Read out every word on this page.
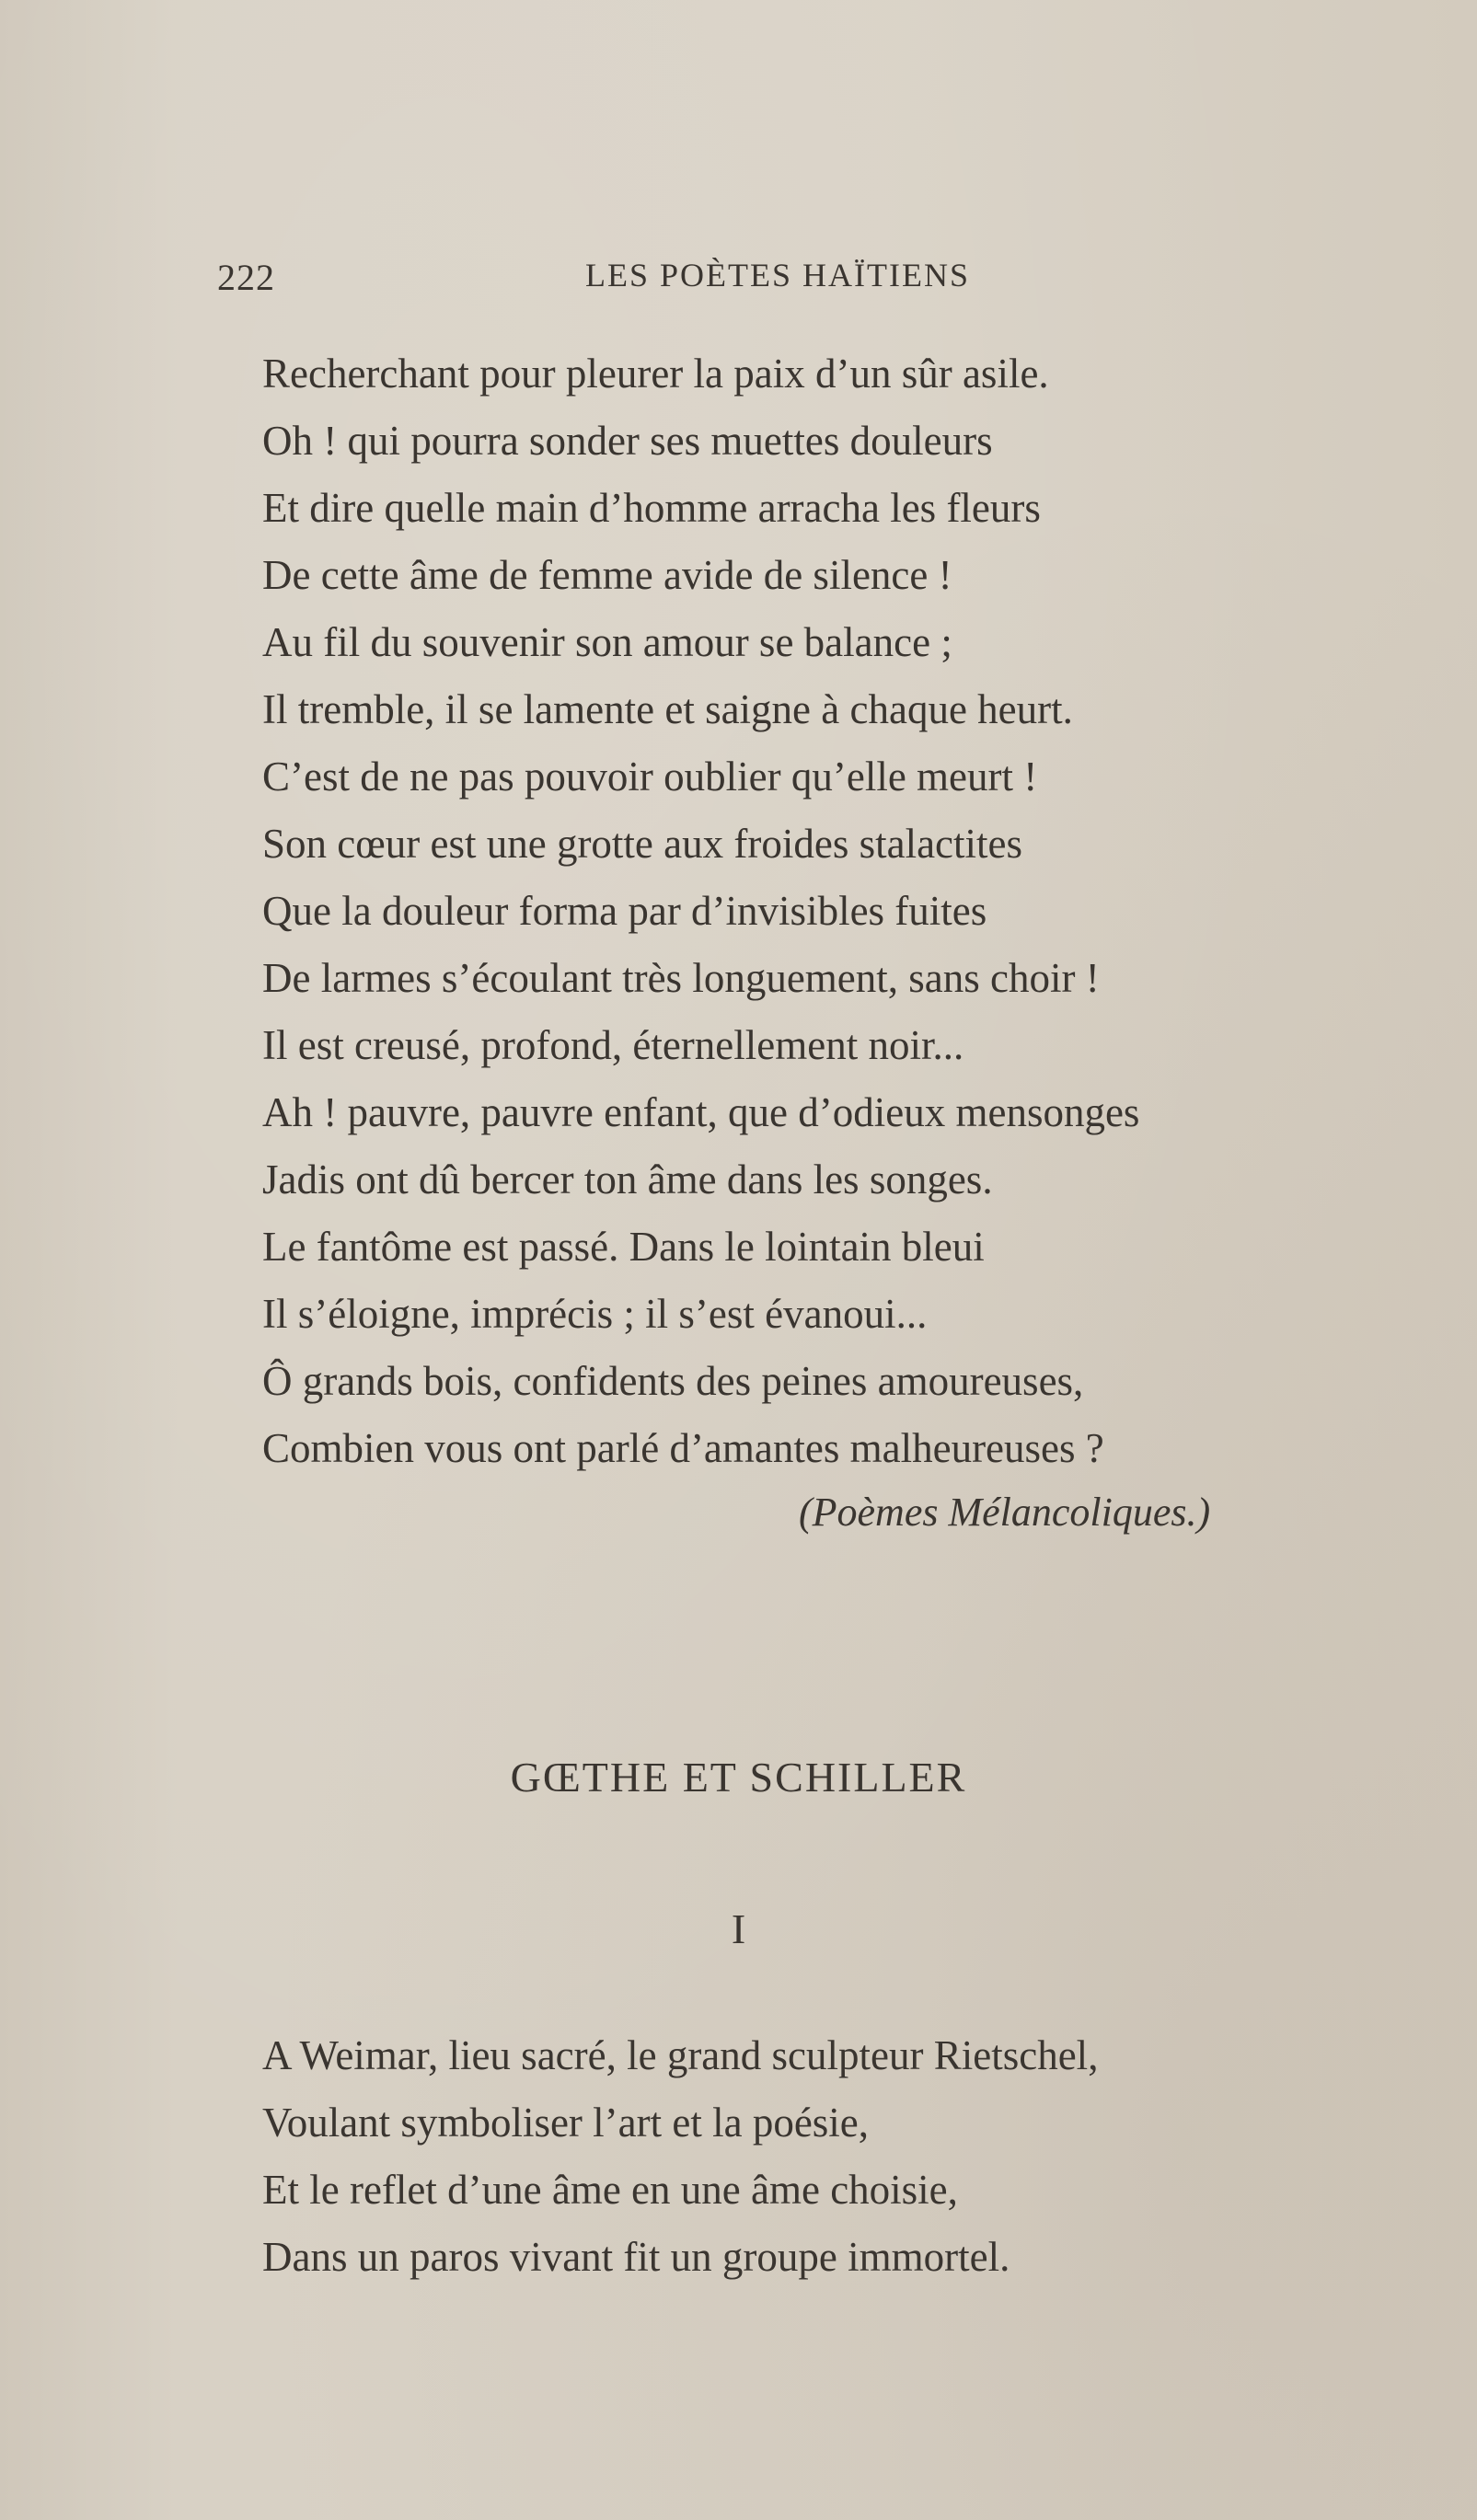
222	LES POÈTES HAÏTIENS
Recherchant pour pleurer la paix d’un sûr asile.
Oh ! qui pourra sonder ses muettes douleurs
Et dire quelle main d’homme arracha les fleurs
De cette âme de femme avide de silence !
Au fil du souvenir son amour se balance ;
Il tremble, il se lamente et saigne à chaque heurt.
C’est de ne pas pouvoir oublier qu’elle meurt !
Son cœur est une grotte aux froides stalactites
Que la douleur forma par d’invisibles fuites
De larmes s’écoulant très longuement, sans choir !
Il est creusé, profond, éternellement noir...
Ah ! pauvre, pauvre enfant, que d’odieux mensonges
Jadis ont dû bercer ton âme dans les songes.
Le fantôme est passé. Dans le lointain bleui
Il s’éloigne, imprécis ; il s’est évanoui...
Ô grands bois, confidents des peines amoureuses,
Combien vous ont parlé d’amantes malheureuses ?
(Poèmes Mélancoliques.)
GŒTHE ET SCHILLER
I
A Weimar, lieu sacré, le grand sculpteur Rietschel,
Voulant symboliser l’art et la poésie,
Et le reflet d’une âme en une âme choisie,
Dans un paros vivant fit un groupe immortel.
